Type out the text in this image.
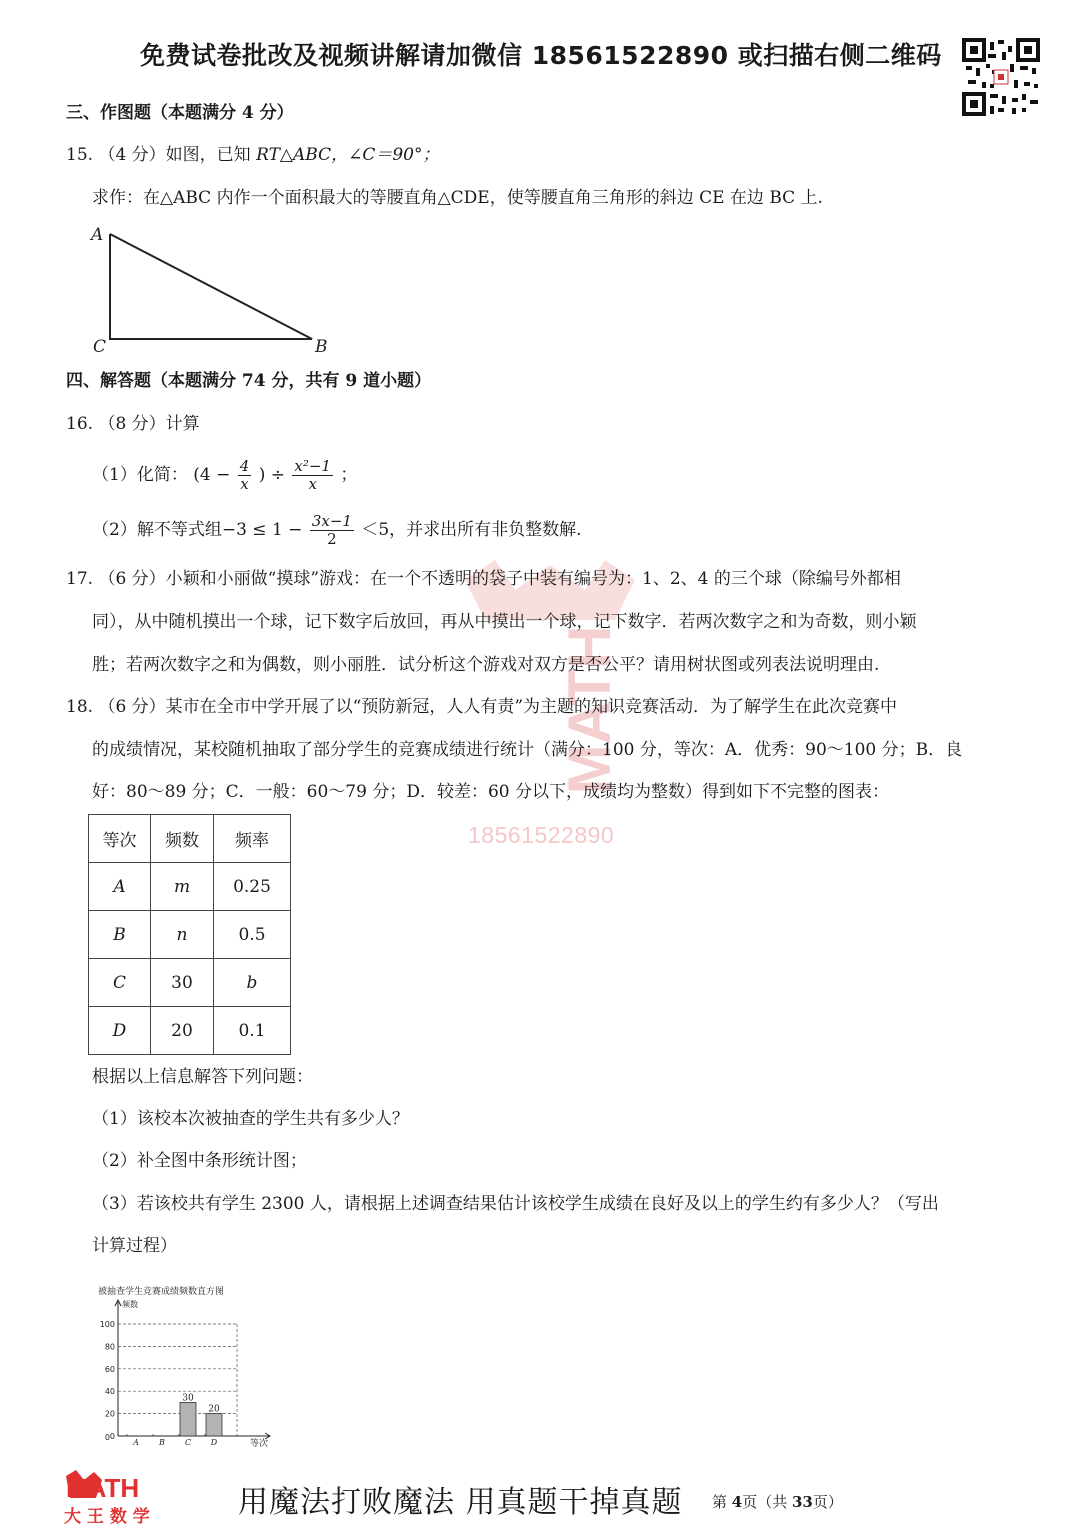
MATH
18561522890
免费试卷批改及视频讲解请加微信 18561522890 或扫描右侧二维码
三、作图题（本题满分 4 分）
15. （4 分）如图，已知 RT△ABC，∠C＝90°；
求作：在△ABC 内作一个面积最大的等腰直角△CDE，使等腰直角三角形的斜边 CE 在边 BC 上.
A
C	B
四、解答题（本题满分 74 分，共有 9 道小题）
16. （8 分）计算
（1）化简： ($4 - \frac{4}{x}$ ) ÷ $\frac{\text{x²−1}}{x}$ ；
（2）解不等式组$-3 \le 1 - \frac{3x-1}{2} <5$，并求出所有非负整数解.
17. （6 分）小颖和小丽做“摸球”游戏：在一个不透明的袋子中装有编号为：1、2、4 的三个球（除编号外都相
同），从中随机摸出一个球，记下数字后放回，再从中摸出一个球，记下数字．若两次数字之和为奇数，则小颖
胜；若两次数字之和为偶数，则小丽胜．试分析这个游戏对双方是否公平？请用树状图或列表法说明理由.
18. （6 分）某市在全市中学开展了以“预防新冠，人人有责”为主题的知识竞赛活动．为了解学生在此次竞赛中
的成绩情况，某校随机抽取了部分学生的竞赛成绩进行统计（满分：100 分，等次：A．优秀：90～100 分；B．良
好：80～89 分；C．一般：60～79 分；D．较差：60 分以下，成绩均为整数）得到如下不完整的图表：
等次	频数	频率
A	m	0.25
B	n	0.5
C	30	b
D	20	0.1
根据以上信息解答下列问题：
（1）该校本次被抽查的学生共有多少人？
（2）补全图中条形统计图；
（3）若该校共有学生 2300 人，请根据上述调查结果估计该校学生成绩在良好及以上的学生约有多少人？（写出
计算过程）
被抽查学生竞赛成绩频数直方图
频数
等次
0
20
40
60
80
100
0
A	B C D
30
20
MATH
大 王 数 学	用魔法打败魔法 用真题干掉真题 第 4页（共 33页）
